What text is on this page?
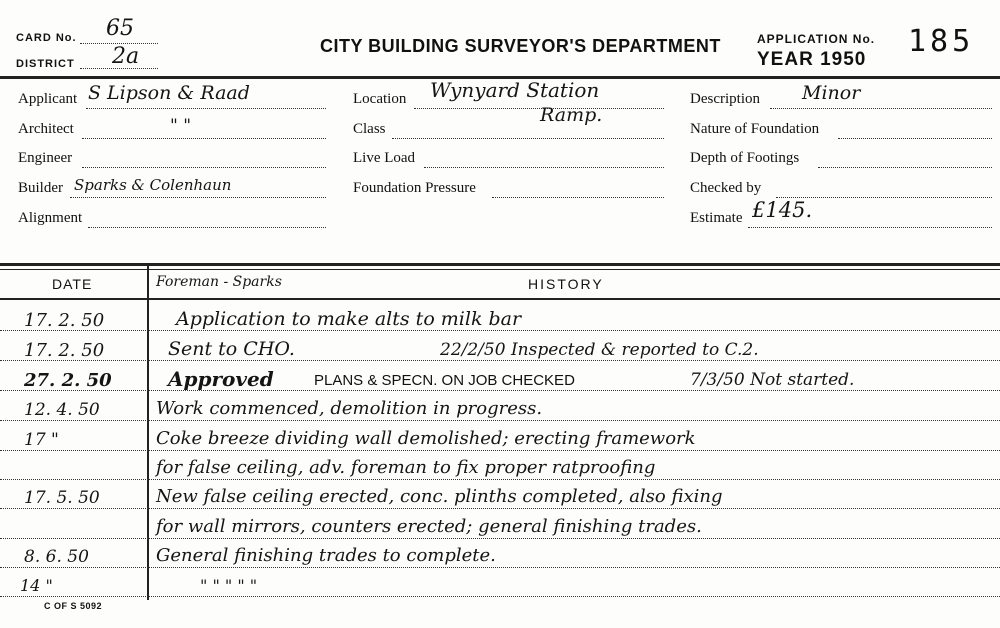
CARD No. 65
DISTRICT 2a	CITY BUILDING SURVEYOR'S DEPARTMENT	APPLICATION No. 185
YEAR 1950
Applicant S Lipson & Raad
Architect	" "
Engineer
Builder Sparks & Colenhaun
Alignment
Location Wynyard Station
Ramp.
Class
Live Load
Foundation Pressure
Description Minor
Nature of Foundation
Depth of Footings
Checked by
Estimate £145.
DATE	Foreman - Sparks	HISTORY
17. 2. 50	Application to make alts to milk bar
17. 2. 50	Sent to CHO.	22/2/50 Inspected & reported to C.2.
27. 2. 50	Approved	PLANS & SPECN. ON JOB CHECKED	7/3/50 Not started.
12. 4. 50	Work commenced, demolition in progress.
17 "	Coke breeze dividing wall demolished; erecting framework
for false ceiling, adv. foreman to fix proper ratproofing
17. 5. 50	New false ceiling erected, conc. plinths completed, also fixing
for wall mirrors, counters erected; general finishing trades.
8. 6. 50	General finishing trades to complete.
14 "	" " " " "
C OF S 5092
